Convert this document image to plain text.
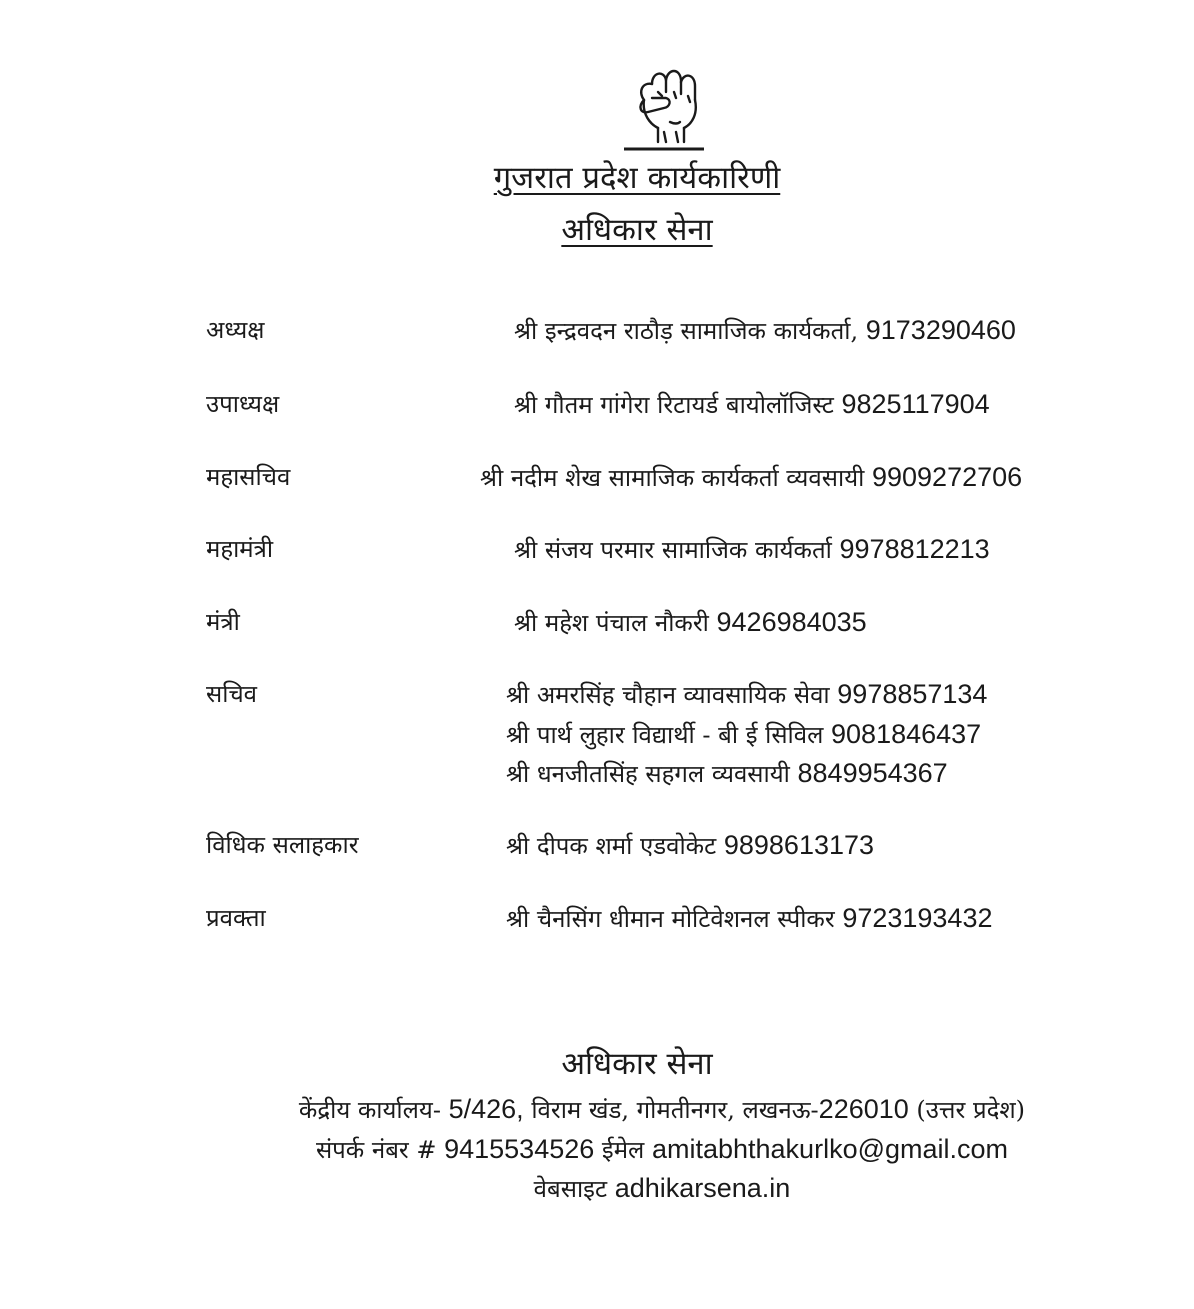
गुजरात प्रदेश कार्यकारिणी
अधिकार सेना
अध्यक्ष	श्री इन्द्रवदन राठौड़ सामाजिक कार्यकर्ता, 9173290460
उपाध्यक्ष	श्री गौतम गांगेरा रिटायर्ड बायोलॉजिस्ट 9825117904
महासचिव	श्री नदीम शेख सामाजिक कार्यकर्ता व्यवसायी 9909272706
महामंत्री	श्री संजय परमार सामाजिक कार्यकर्ता 9978812213
मंत्री	श्री महेश पंचाल नौकरी 9426984035
सचिव	श्री अमरसिंह चौहान व्यावसायिक सेवा 9978857134
श्री पार्थ लुहार विद्यार्थी - बी ई सिविल 9081846437
श्री धनजीतसिंह सहगल व्यवसायी 8849954367
विधिक सलाहकार	श्री दीपक शर्मा एडवोकेट 9898613173
प्रवक्ता	श्री चैनसिंग धीमान मोटिवेशनल स्पीकर 9723193432
अधिकार सेना
केंद्रीय कार्यालय- 5/426, विराम खंड, गोमतीनगर, लखनऊ-226010 (उत्तर प्रदेश)
संपर्क नंबर # 9415534526 ईमेल amitabhthakurlko@gmail.com
वेबसाइट adhikarsena.in
